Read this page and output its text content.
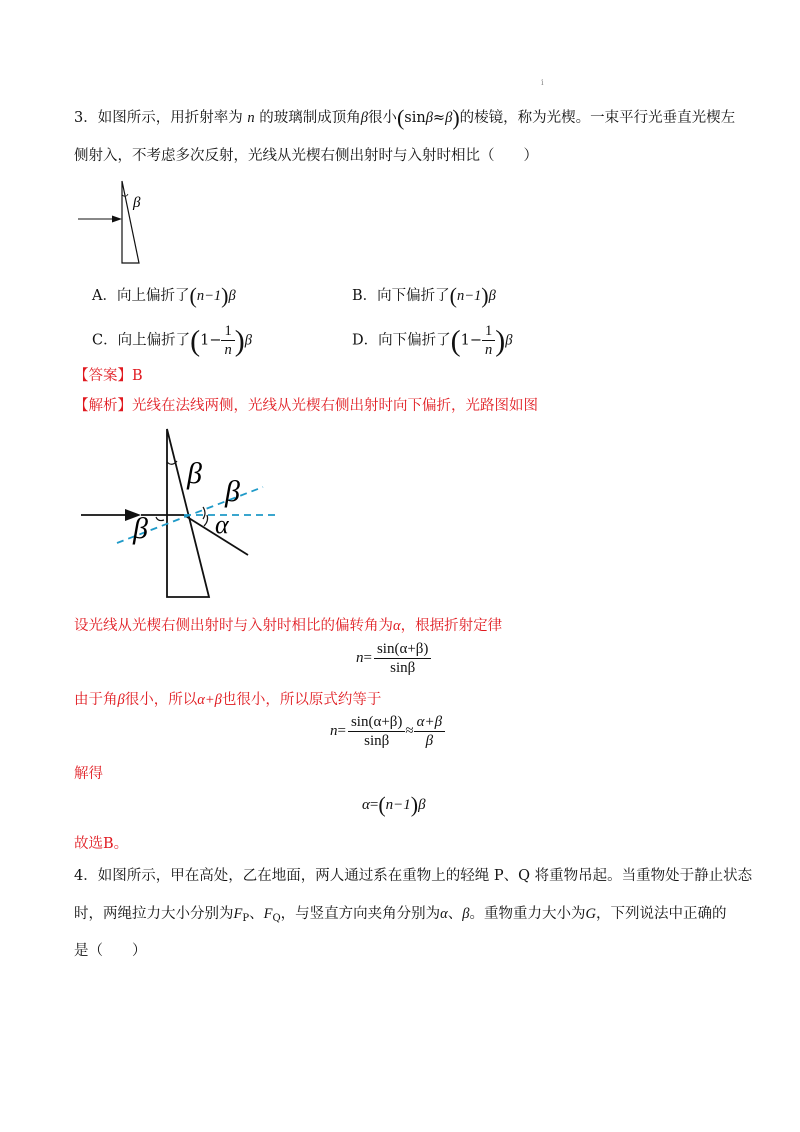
ⅰ
3．如图所示，用折射率为 n 的玻璃制成顶角β很小(sinβ≈β)的棱镜，称为光楔。一束平行光垂直光楔左
侧射入，不考虑多次反射，光线从光楔右侧出射时与入射时相比（　　）
β
A．向上偏折了(n−1)β	B．向下偏折了(n−1)β
C．向上偏折了$(1- \frac{1}{n} )\beta$	D．向下偏折了$(1- \frac{1}{n} )\beta$
【答案】B
【解析】光线在法线两侧，光线从光楔右侧出射时向下偏折，光路图如图
β
β
α
β
设光线从光楔右侧出射时与入射时相比的偏转角为α，根据折射定律
$n= \frac{\sin(\alpha+\beta)}{\sin\beta}$
由于角β很小，所以α+β也很小，所以原式约等于
$n= \frac{\sin(\alpha+\beta)}{\sin\beta} \approx \frac{\alpha+\beta}{\beta}$
解得
α=(n−1)β
故选B。
4．如图所示，甲在高处，乙在地面，两人通过系在重物上的轻绳 P、Q 将重物吊起。当重物处于静止状态
时，两绳拉力大小分别为$F_P$、$F_Q$，与竖直方向夹角分别为α、β。重物重力大小为G，下列说法中正确的
是（　　）
